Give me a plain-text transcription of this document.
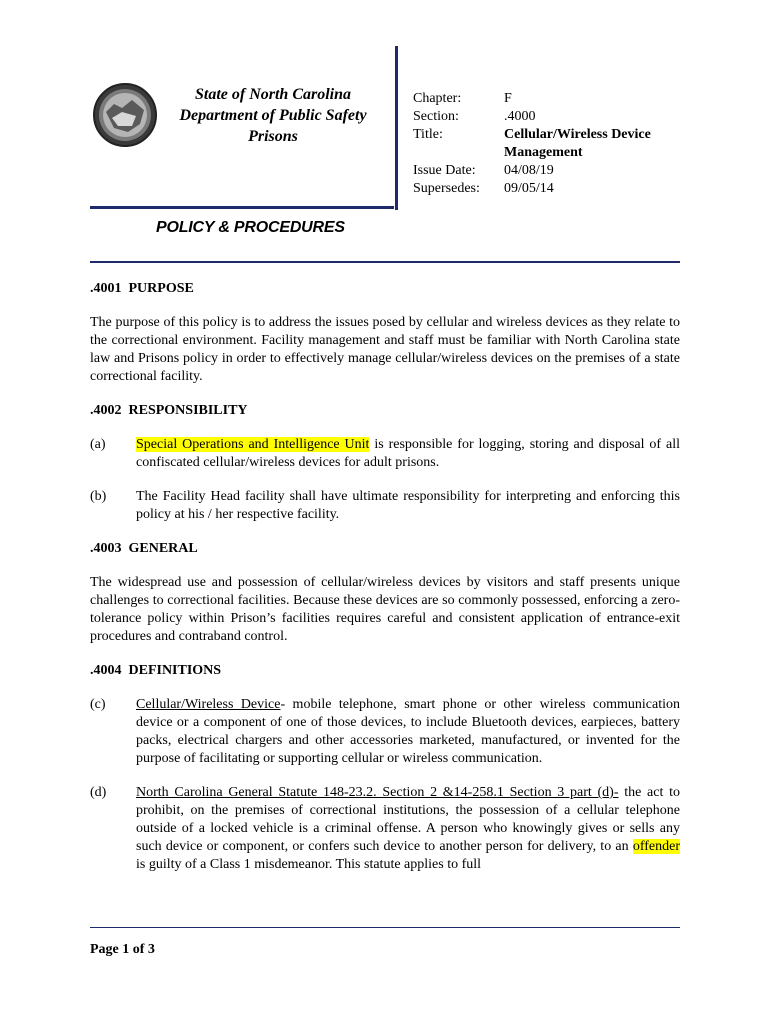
State of North Carolina
Department of Public Safety
Prisons
Chapter:	F
Section:	.4000
Title:	Cellular/Wireless Device
Management
Issue Date:	04/08/19
Supersedes:	09/05/14
POLICY & PROCEDURES
.4001  PURPOSE
The purpose of this policy is to address the issues posed by cellular and wireless devices as they relate to the correctional environment. Facility management and staff must be familiar with North Carolina state law and Prisons policy in order to effectively manage cellular/wireless devices on the premises of a state correctional facility.
.4002  RESPONSIBILITY
(a)	Special Operations and Intelligence Unit is responsible for logging, storing and disposal of all confiscated cellular/wireless devices for adult prisons.
(b)	The Facility Head facility shall have ultimate responsibility for interpreting and enforcing this policy at his / her respective facility.
.4003  GENERAL
The widespread use and possession of cellular/wireless devices by visitors and staff presents unique challenges to correctional facilities. Because these devices are so commonly possessed, enforcing a zero-tolerance policy within Prison’s facilities requires careful and consistent application of entrance-exit procedures and contraband control.
.4004  DEFINITIONS
(c)	Cellular/Wireless Device- mobile telephone, smart phone or other wireless communication device or a component of one of those devices, to include Bluetooth devices, earpieces, battery packs, electrical chargers and other accessories marketed, manufactured, or invented for the purpose of facilitating or supporting cellular or wireless communication.
(d)	North Carolina General Statute 148-23.2. Section 2 &14-258.1 Section 3 part (d)- the act to prohibit, on the premises of correctional institutions, the possession of a cellular telephone outside of a locked vehicle is a criminal offense. A person who knowingly gives or sells any such device or component, or confers such device to another person for delivery, to an offender is guilty of a Class 1 misdemeanor. This statute applies to full
Page 1 of 3
